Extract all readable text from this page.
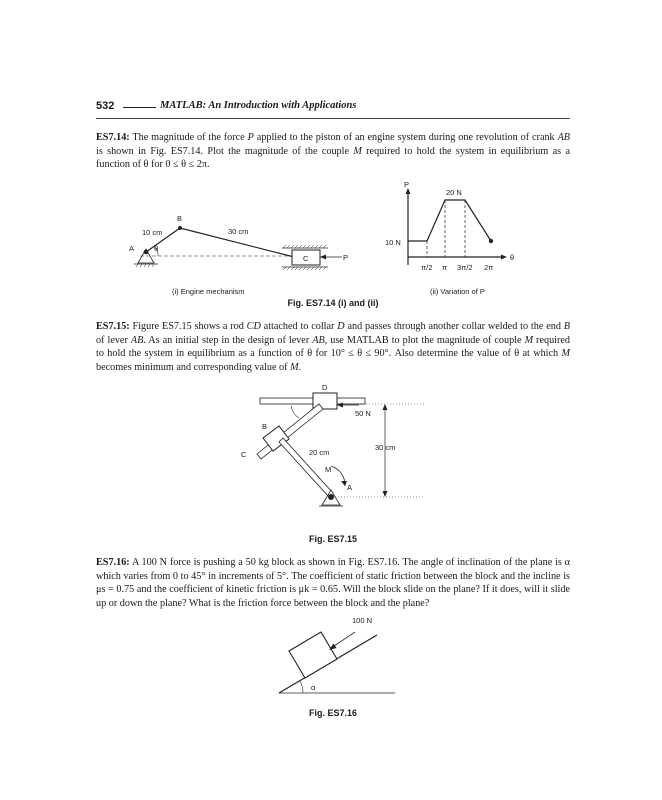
532	MATLAB: An Introduction with Applications

ES7.14: The magnitude of the force P applied to the piston of an engine system during one revolution of crank AB is shown in Fig. ES7.14. Plot the magnitude of the couple M required to hold the system in equilibrium as a function of θ for 0 ≤ θ ≤ 2π.

A
B
C	P
θ
10 cm	30 cm
(i) Engine mechanism
P
10 N
20 N
θ
π/2 π 3π/2 2π
(ii) Variation of P
Fig. ES7.14 (i) and (ii)

ES7.15: Figure ES7.15 shows a rod CD attached to collar D and passes through another collar welded to the end B of lever AB. As an initial step in the design of lever AB, use MATLAB to plot the magnitude of couple M required to hold the system in equilibrium as a function of θ for 10° ≤ θ ≤ 90°. Also determine the value of θ at which M becomes minimum and corresponding value of M.

D
B
C
M
A
50 N
20 cm
30 cm
Fig. ES7.15

ES7.16: A 100 N force is pushing a 50 kg block as shown in Fig. ES7.16. The angle of inclination of the plane is α which varies from 0 to 45° in increments of 5°. The coefficient of static friction between the block and the incline is μs = 0.75 and the coefficient of kinetic friction is μk = 0.65. Will the block slide on the plane? If it does, will it slide up or down the plane? What is the friction force between the block and the plane?

100 N
α
Fig. ES7.16
